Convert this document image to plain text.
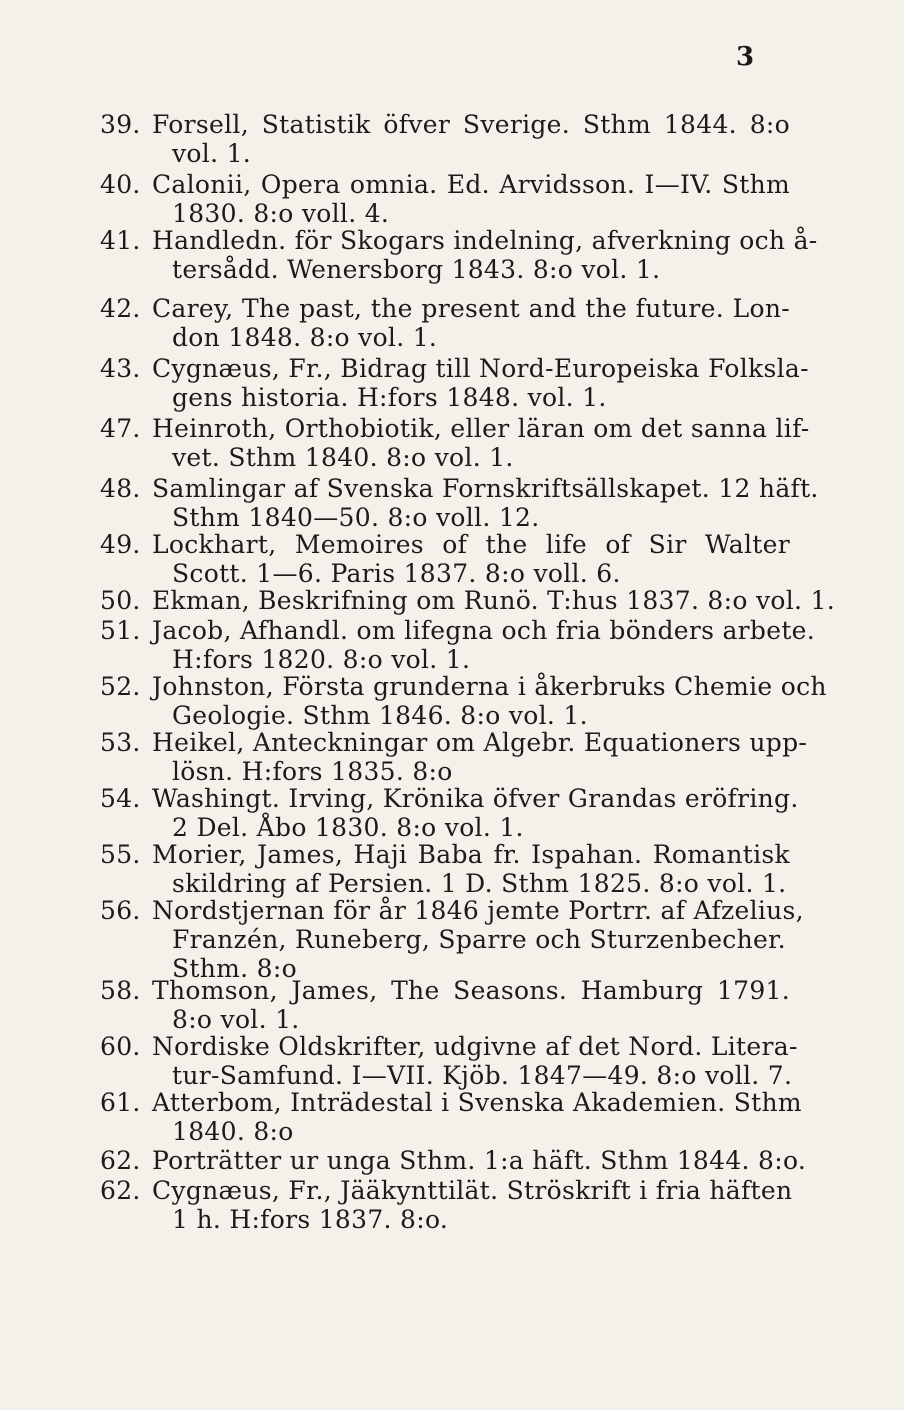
3
39. Forsell, Statistik öfver Sverige. Sthm 1844. 8:o
vol. 1.
40. Calonii, Opera omnia. Ed. Arvidsson. I—IV. Sthm
1830. 8:o voll. 4.
41. Handledn. för Skogars indelning, afverkning och å-
tersådd. Wenersborg 1843. 8:o vol. 1.
42. Carey, The past, the present and the future. Lon-
don 1848. 8:o vol. 1.
43. Cygnæus, Fr., Bidrag till Nord-Europeiska Folksla-
gens historia. H:fors 1848. vol. 1.
47. Heinroth, Orthobiotik, eller läran om det sanna lif-
vet. Sthm 1840. 8:o vol. 1.
48. Samlingar af Svenska Fornskriftsällskapet. 12 häft.
Sthm 1840—50. 8:o voll. 12.
49. Lockhart, Memoires of the life of Sir Walter
Scott. 1—6. Paris 1837. 8:o voll. 6.
50. Ekman, Beskrifning om Runö. T:hus 1837. 8:o vol. 1.
51. Jacob, Afhandl. om lifegna och fria bönders arbete.
H:fors 1820. 8:o vol. 1.
52. Johnston, Första grunderna i åkerbruks Chemie och
Geologie. Sthm 1846. 8:o vol. 1.
53. Heikel, Anteckningar om Algebr. Equationers upp-
lösn. H:fors 1835. 8:o
54. Washingt. Irving, Krönika öfver Grandas eröfring.
2 Del. Åbo 1830. 8:o vol. 1.
55. Morier, James, Haji Baba fr. Ispahan. Romantisk
skildring af Persien. 1 D. Sthm 1825. 8:o vol. 1.
56. Nordstjernan för år 1846 jemte Portrr. af Afzelius,
Franzén, Runeberg, Sparre och Sturzenbecher.
Sthm. 8:o
58. Thomson, James, The Seasons. Hamburg 1791.
8:o vol. 1.
60. Nordiske Oldskrifter, udgivne af det Nord. Litera-
tur-Samfund. I—VII. Kjöb. 1847—49. 8:o voll. 7.
61. Atterbom, Inträdestal i Svenska Akademien. Sthm
1840. 8:o
62. Porträtter ur unga Sthm. 1:a häft. Sthm 1844. 8:o.
62. Cygnæus, Fr., Jääkynttilät. Ströskrift i fria häften
1 h. H:fors 1837. 8:o.
